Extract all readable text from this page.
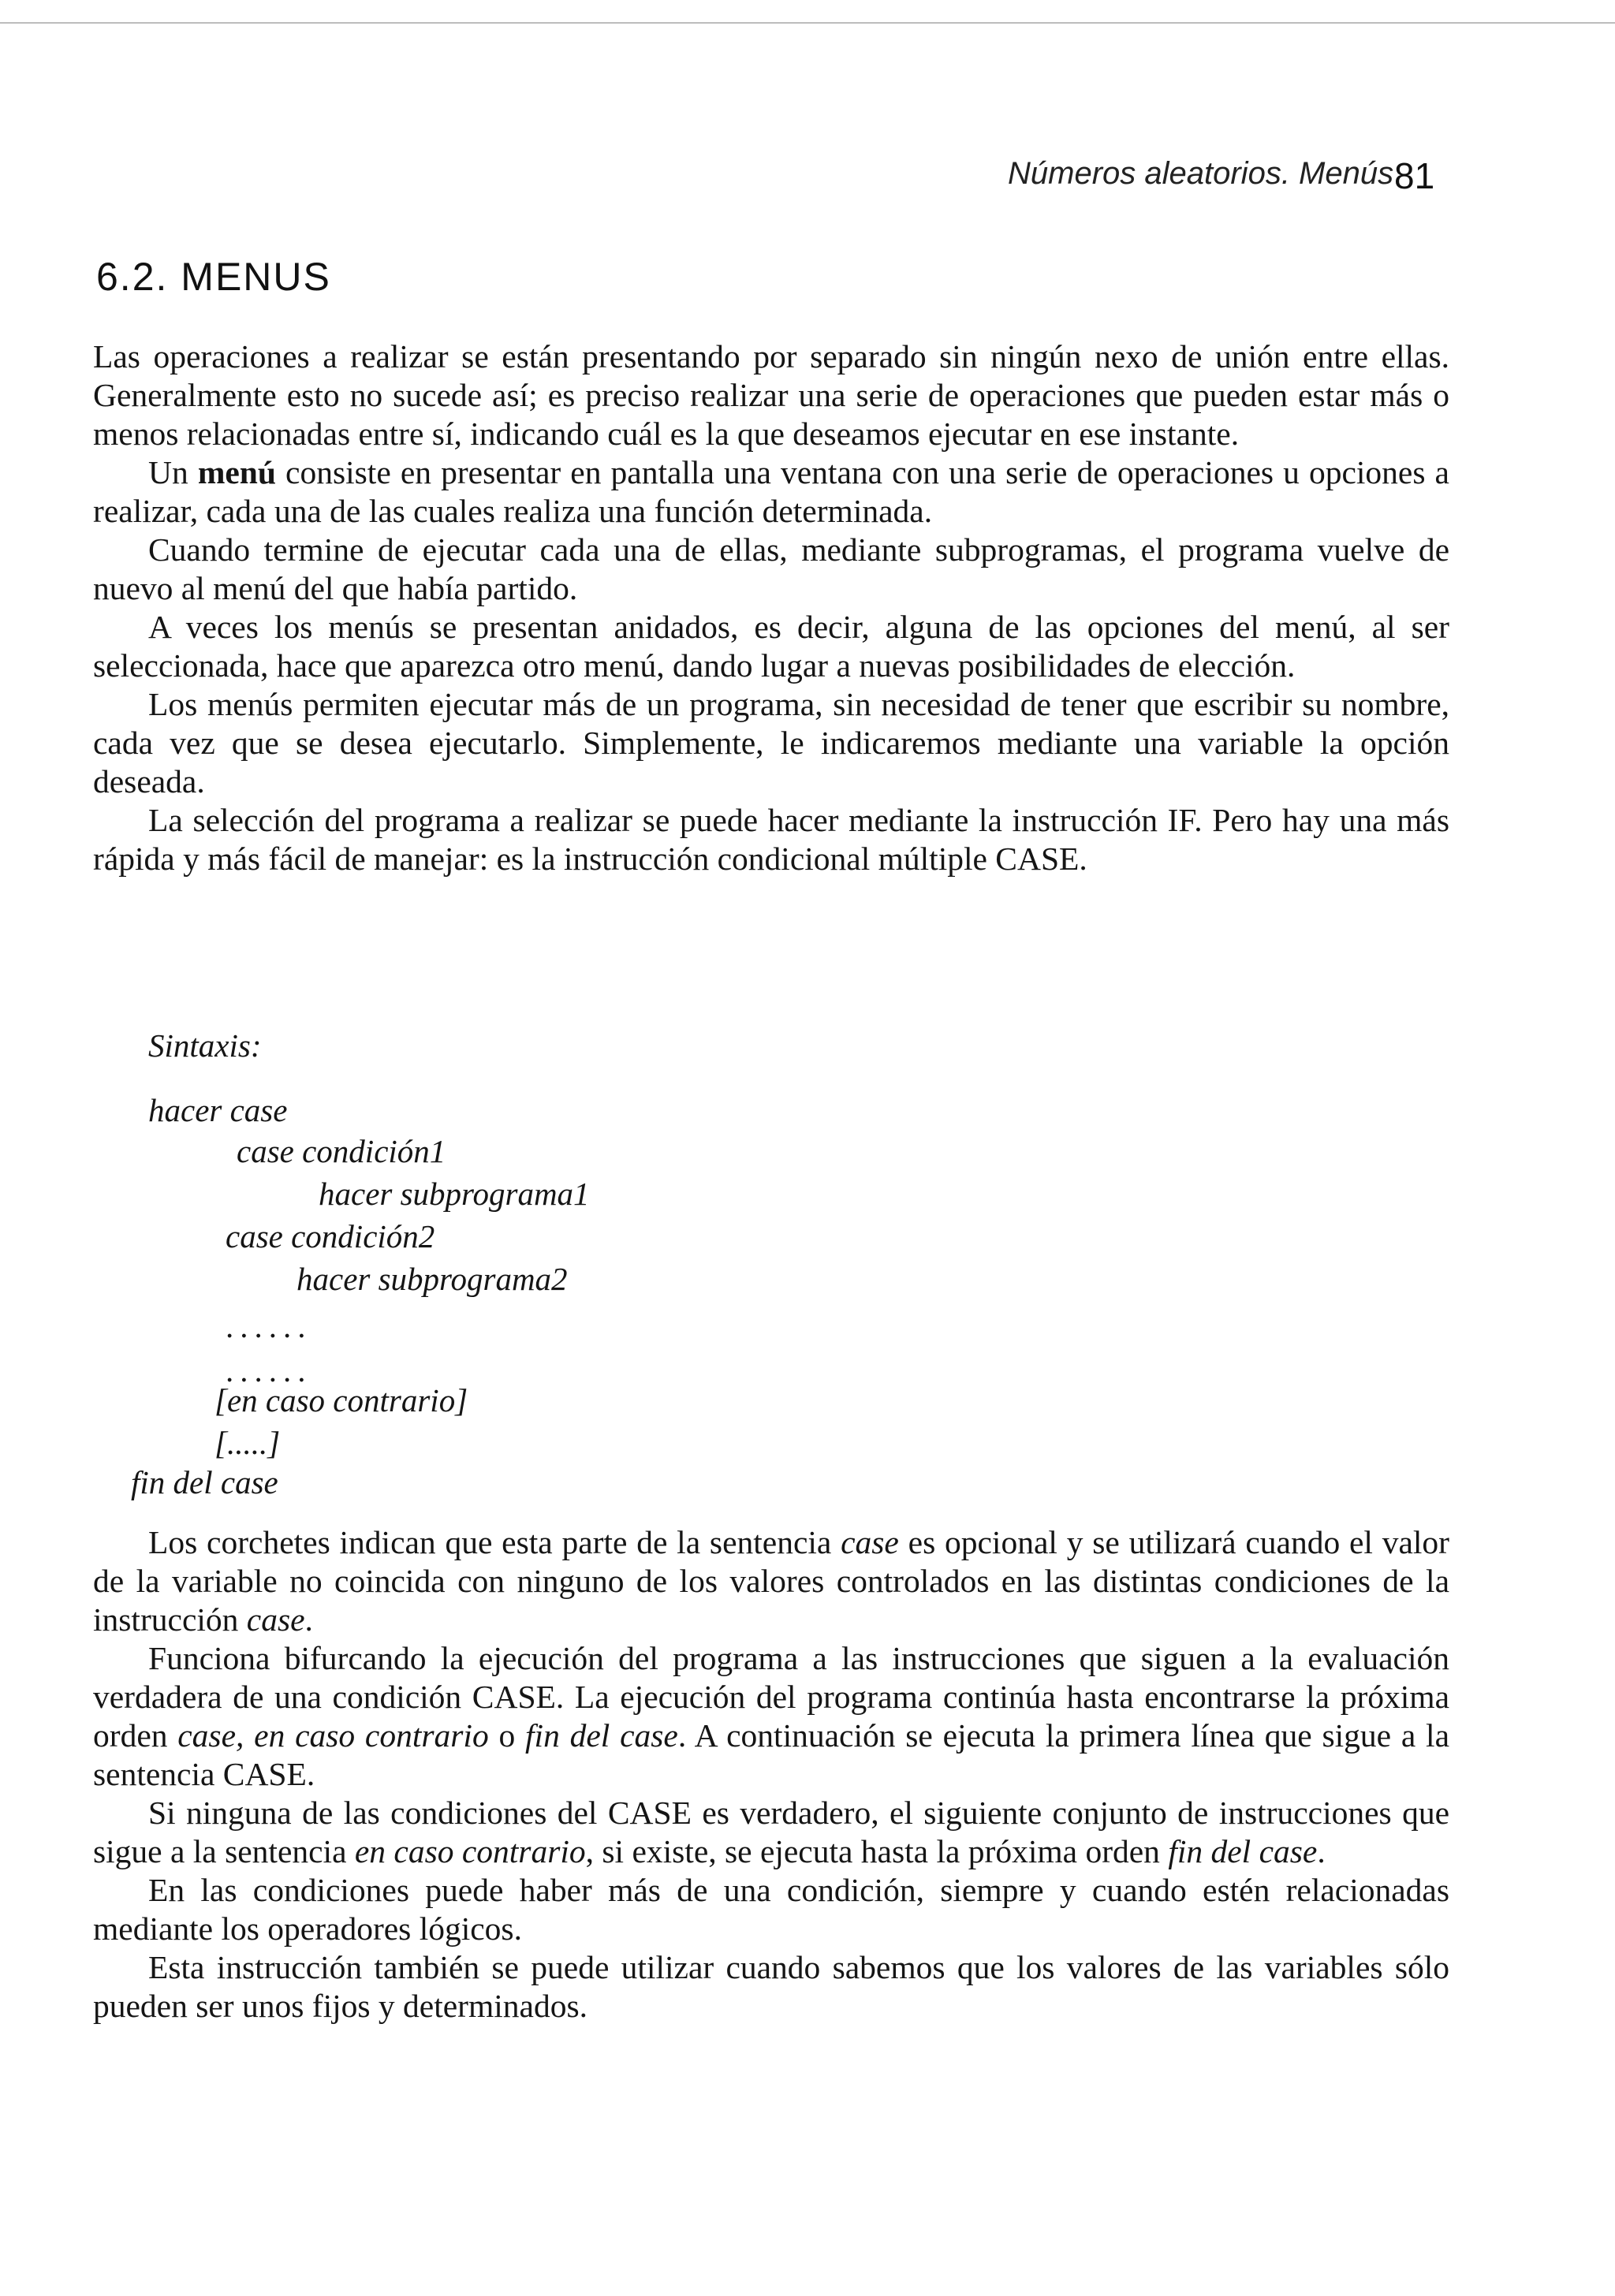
Números aleatorios. Menús 81
6.2. MENUS

Las operaciones a realizar se están presentando por separado sin ningún nexo de unión entre ellas. Generalmente esto no sucede así; es preciso realizar una serie de operaciones que pueden estar más o menos relacionadas entre sí, indicando cuál es la que deseamos ejecutar en ese instante.

Un menú consiste en presentar en pantalla una ventana con una serie de operaciones u opciones a realizar, cada una de las cuales realiza una función determinada.

Cuando termine de ejecutar cada una de ellas, mediante subprogramas, el programa vuelve de nuevo al menú del que había partido.

A veces los menús se presentan anidados, es decir, alguna de las opciones del menú, al ser seleccionada, hace que aparezca otro menú, dando lugar a nuevas posibilidades de elección.

Los menús permiten ejecutar más de un programa, sin necesidad de tener que escribir su nombre, cada vez que se desea ejecutarlo. Simplemente, le indicaremos mediante una variable la opción deseada.

La selección del programa a realizar se puede hacer mediante la instrucción IF. Pero hay una más rápida y más fácil de manejar: es la instrucción condicional múltiple CASE.

Sintaxis:
hacer case
case condición1
hacer subprograma1
case condición2
hacer subprograma2
......
......
[en caso contrario]
[.....]
fin del case

Los corchetes indican que esta parte de la sentencia case es opcional y se utilizará cuando el valor de la variable no coincida con ninguno de los valores controlados en las distintas condiciones de la instrucción case.

Funciona bifurcando la ejecución del programa a las instrucciones que siguen a la evaluación verdadera de una condición CASE. La ejecución del programa continúa hasta encontrarse la próxima orden case, en caso contrario o fin del case. A continuación se ejecuta la primera línea que sigue a la sentencia CASE.

Si ninguna de las condiciones del CASE es verdadero, el siguiente conjunto de instrucciones que sigue a la sentencia en caso contrario, si existe, se ejecuta hasta la próxima orden fin del case.

En las condiciones puede haber más de una condición, siempre y cuando estén relacionadas mediante los operadores lógicos.

Esta instrucción también se puede utilizar cuando sabemos que los valores de las variables sólo pueden ser unos fijos y determinados.
